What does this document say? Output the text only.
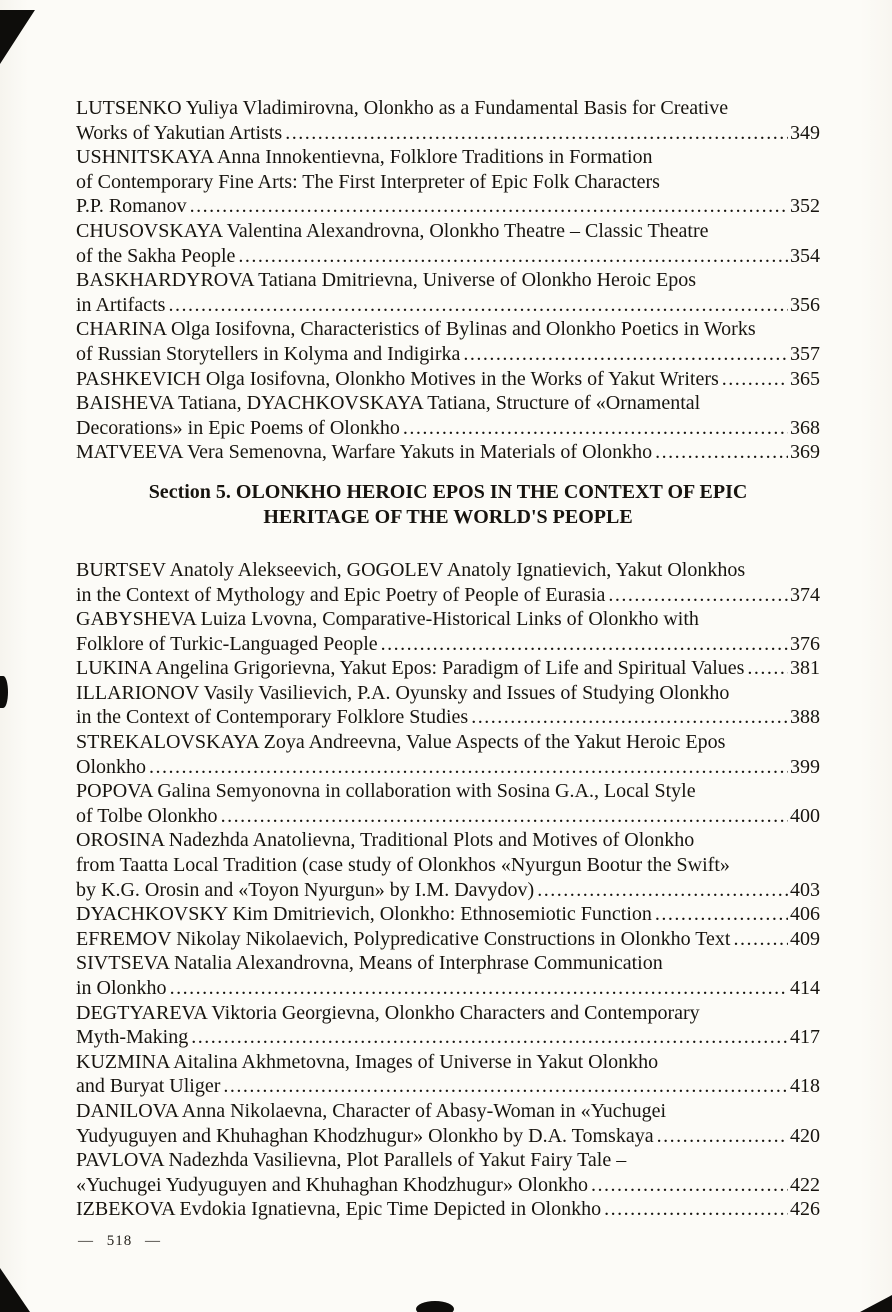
LUTSENKO Yuliya Vladimirovna, Olonkho as a Fundamental Basis for Creative
Works of Yakutian Artists .....	349
USHNITSKAYA Anna Innokentievna, Folklore Traditions in Formation
of Contemporary Fine Arts: The First Interpreter of Epic Folk Characters
P.P. Romanov .....	352
CHUSOVSKAYA Valentina Alexandrovna, Olonkho Theatre – Classic Theatre
of the Sakha People .....	354
BASKHARDYROVA Tatiana Dmitrievna, Universe of Olonkho Heroic Epos
in Artifacts .....	356
CHARINA Olga Iosifovna, Characteristics of Bylinas and Olonkho Poetics in Works
of Russian Storytellers in Kolyma and Indigirka .....	357
PASHKEVICH Olga Iosifovna, Olonkho Motives in the Works of Yakut Writers .....	365
BAISHEVA Tatiana, DYACHKOVSKAYA Tatiana, Structure of «Ornamental
Decorations» in Epic Poems of Olonkho .....	368
MATVEEVA Vera Semenovna, Warfare Yakuts in Materials of Olonkho .....	369
Section 5. OLONKHO HEROIC EPOS IN THE CONTEXT OF EPIC
HERITAGE OF THE WORLD'S PEOPLE
BURTSEV Anatoly Alekseevich, GOGOLEV Anatoly Ignatievich, Yakut Olonkhos
in the Context of Mythology and Epic Poetry of People of Eurasia .....	374
GABYSHEVA Luiza Lvovna, Comparative-Historical Links of Olonkho with
Folklore of Turkic-Languaged People .....	376
LUKINA Angelina Grigorievna, Yakut Epos: Paradigm of Life and Spiritual Values ..... 381
ILLARIONOV Vasily Vasilievich, P.A. Oyunsky and Issues of Studying Olonkho
in the Context of Contemporary Folklore Studies .....	388
STREKALOVSKAYA Zoya Andreevna, Value Aspects of the Yakut Heroic Epos
Olonkho .....	399
POPOVA Galina Semyonovna in collaboration with Sosina G.A., Local Style
of Tolbe Olonkho .....	400
OROSINA Nadezhda Anatolievna, Traditional Plots and Motives of Olonkho
from Taatta Local Tradition (case study of Olonkhos «Nyurgun Bootur the Swift»
by K.G. Orosin and «Toyon Nyurgun» by I.M. Davydov) .....	403
DYACHKOVSKY Kim Dmitrievich, Olonkho: Ethnosemiotic Function .....	406
EFREMOV Nikolay Nikolaevich, Polypredicative Constructions in Olonkho Text .....	409
SIVTSEVA Natalia Alexandrovna, Means of Interphrase Communication
in Olonkho .....	414
DEGTYAREVA Viktoria Georgievna, Olonkho Characters and Contemporary
Myth-Making .....	417
KUZMINA Aitalina Akhmetovna, Images of Universe in Yakut Olonkho
and Buryat Uliger .....	418
DANILOVA Anna Nikolaevna, Character of Abasy-Woman in «Yuchugei
Yudyuguyen and Khuhaghan Khodzhugur» Olonkho by D.A. Tomskaya .....	420
PAVLOVA Nadezhda Vasilievna, Plot Parallels of Yakut Fairy Tale –
«Yuchugei Yudyuguyen and Khuhaghan Khodzhugur» Olonkho .....	422
IZBEKOVA Evdokia Ignatievna, Epic Time Depicted in Olonkho .....	426
— 518 —
